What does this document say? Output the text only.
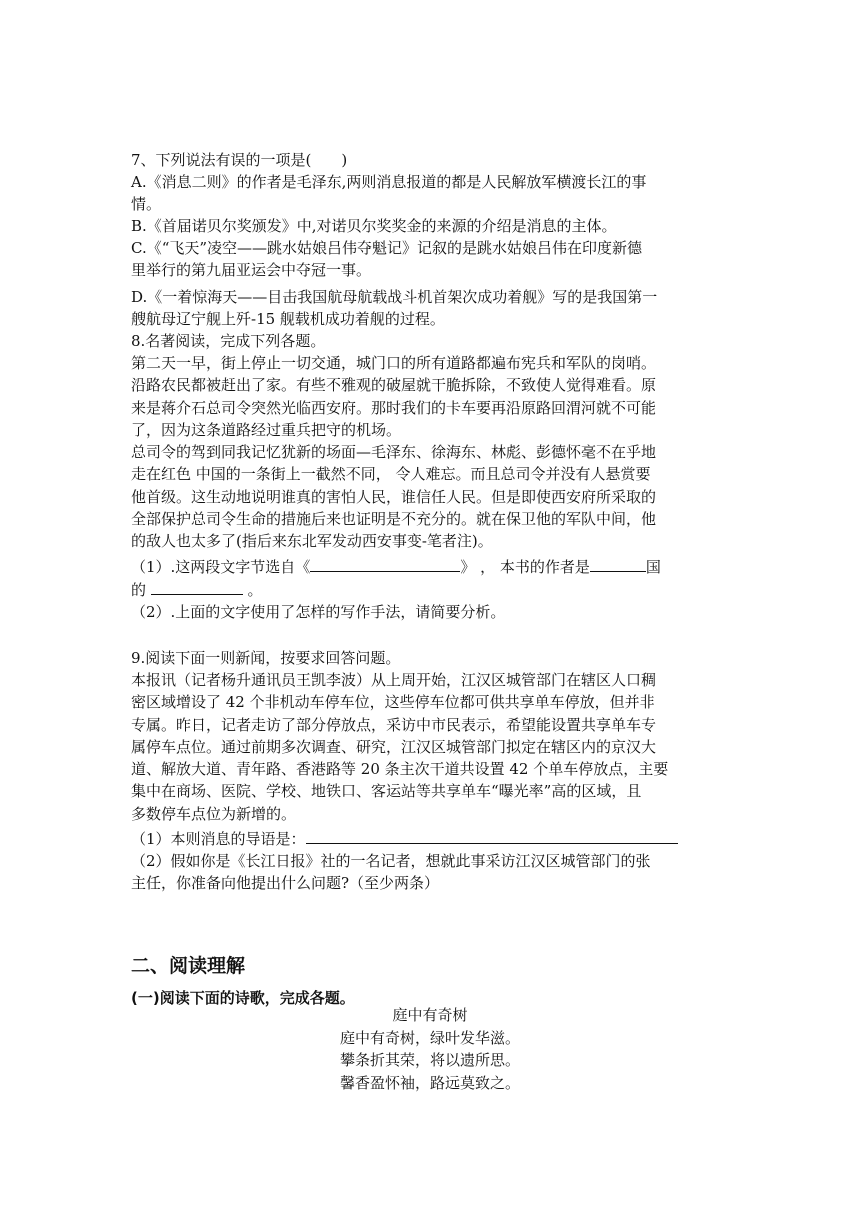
7、下列说法有误的一项是(　　)
A.《消息二则》的作者是毛泽东,两则消息报道的都是人民解放军横渡长江的事
情。
B.《首届诺贝尔奖颁发》中,对诺贝尔奖奖金的来源的介绍是消息的主体。
C.《“飞天”凌空——跳水姑娘吕伟夺魁记》记叙的是跳水姑娘吕伟在印度新德
里举行的第九届亚运会中夺冠一事。
D.《一着惊海天——目击我国航母航载战斗机首架次成功着舰》写的是我国第一
艘航母辽宁舰上歼-15 舰载机成功着舰的过程。
8.名著阅读，完成下列各题。
第二天一早，街上停止一切交通，城门口的所有道路都遍布宪兵和军队的岗哨。
沿路农民都被赶出了家。有些不雅观的破屋就干脆拆除，不致使人觉得难看。原
来是蒋介石总司令突然光临西安府。那时我们的卡车要再沿原路回渭河就不可能
了，因为这条道路经过重兵把守的机场。
总司令的驾到同我记忆犹新的场面—毛泽东、徐海东、林彪、彭德怀毫不在乎地
走在红色 中国的一条街上一截然不同， 令人难忘。而且总司令并没有人悬赏要
他首级。这生动地说明谁真的害怕人民，谁信任人民。但是即使西安府所采取的
全部保护总司令生命的措施后来也证明是不充分的。就在保卫他的军队中间，他
的敌人也太多了(指后来东北军发动西安事变-笔者注)。
（1）.这两段文字节选自《	》 ， 本书的作者是	国
的	。
（2）.上面的文字使用了怎样的写作手法，请简要分析。
9.阅读下面一则新闻，按要求回答问题。
本报讯（记者杨升通讯员王凯李波）从上周开始，江汉区城管部门在辖区人口稠
密区域增设了 42 个非机动车停车位，这些停车位都可供共享单车停放，但并非
专属。昨日，记者走访了部分停放点，采访中市民表示，希望能设置共享单车专
属停车点位。通过前期多次调查、研究，江汉区城管部门拟定在辖区内的京汉大
道、解放大道、青年路、香港路等 20 条主次干道共设置 42 个单车停放点，主要
集中在商场、医院、学校、地铁口、客运站等共享单车“曝光率”高的区域，且
多数停车点位为新增的。
（1）本则消息的导语是：
（2）假如你是《长江日报》社的一名记者，想就此事采访江汉区城管部门的张
主任，你准备向他提出什么问题?（至少两条）
二、阅读理解
(一)阅读下面的诗歌，完成各题。
庭中有奇树
庭中有奇树，绿叶发华滋。
攀条折其荣，将以遗所思。
馨香盈怀袖，路远莫致之。
